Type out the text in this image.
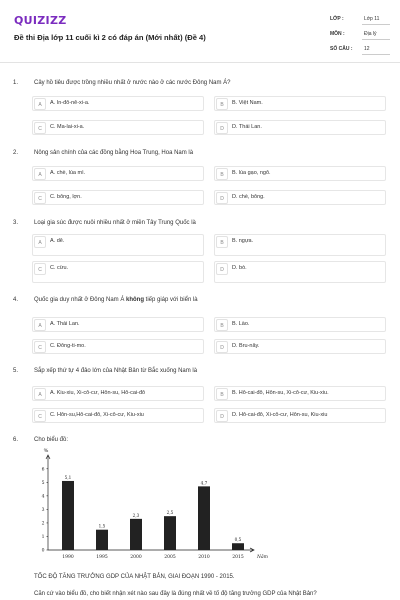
QUIZIZZ
Đề thi Địa lớp 11 cuối kì 2 có đáp án (Mới nhất) (Đề 4)
LỚP :	Lớp 11
MÔN :	Địa lý
SỐ CÂU : 12
1.	Cây hồ tiêu được trồng nhiều nhất ở nước nào ở các nước Đông Nam Á?
A	A. In-đô-nê-xi-a.	B	B. Việt Nam.
C	C. Ma-lai-xi-a.	D	D. Thái Lan.
2.	Nông sản chính của các đồng bằng Hoa Trung, Hoa Nam là
A	A. chè, lúa mì.	B	B. lúa gạo, ngô.
C	C. bông, lợn.	D	D. chè, bông.
3.	Loại gia súc được nuôi nhiều nhất ở miền Tây Trung Quốc là
A	A. dê.	B	B. ngựa.
C	C. cừu.	D	D. bò.
4.	Quốc gia duy nhất ở Đông Nam Á không tiếp giáp với biển là
A	A. Thái Lan.	B	B. Lào.
C	C. Đông-ti-mo.	D	D. Bru-nây.
5.	Sắp xếp thứ tự 4 đảo lớn của Nhật Bản từ Bắc xuống Nam là
A	A. Kiu-xiu, Xi-cô-cư, Hôn-su, Hô-cai-đô	B	B. Hô-cai-đô, Hôn-su, Xi-cô-cư, Kiu-xiu.
C	C. Hôn-su,Hô-cai-đô, Xi-cô-cư, Kiu-xiu	D	D. Hô-cai-đô, Xi-cô-cư, Hôn-su, Kiu-xiu
6.	Cho biểu đồ:
%
Năm
0
1
2
3
4
5
6
5,1
1990
1,5
1995
2,3
2000
2,5
2005
4,7
2010
0,5
2015
TỐC ĐỘ TĂNG TRƯỞNG GDP CỦA NHẬT BẢN, GIAI ĐOẠN 1990 - 2015.
Căn cứ vào biểu đồ, cho biết nhận xét nào sau đây là đúng nhất về tố độ tăng trưởng GDP của Nhật Bản?
